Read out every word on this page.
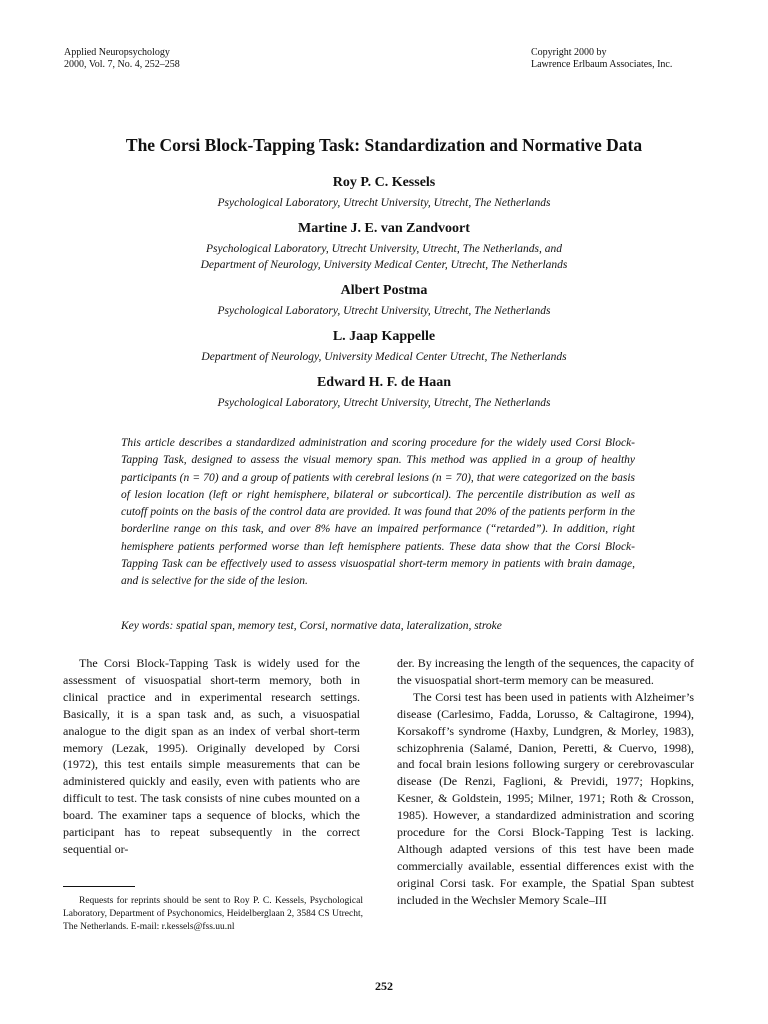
Applied Neuropsychology
2000, Vol. 7, No. 4, 252–258
Copyright 2000 by
Lawrence Erlbaum Associates, Inc.
The Corsi Block-Tapping Task: Standardization and Normative Data
Roy P. C. Kessels
Psychological Laboratory, Utrecht University, Utrecht, The Netherlands
Martine J. E. van Zandvoort
Psychological Laboratory, Utrecht University, Utrecht, The Netherlands, and
Department of Neurology, University Medical Center, Utrecht, The Netherlands
Albert Postma
Psychological Laboratory, Utrecht University, Utrecht, The Netherlands
L. Jaap Kappelle
Department of Neurology, University Medical Center Utrecht, The Netherlands
Edward H. F. de Haan
Psychological Laboratory, Utrecht University, Utrecht, The Netherlands
This article describes a standardized administration and scoring procedure for the widely used Corsi Block-Tapping Task, designed to assess the visual memory span. This method was applied in a group of healthy participants (n = 70) and a group of patients with cerebral lesions (n = 70), that were categorized on the basis of lesion location (left or right hemisphere, bilateral or subcortical). The percentile distribution as well as cutoff points on the basis of the control data are provided. It was found that 20% of the patients perform in the borderline range on this task, and over 8% have an impaired performance (“retarded”). In addition, right hemisphere patients performed worse than left hemisphere patients. These data show that the Corsi Block-Tapping Task can be effectively used to assess visuospatial short-term memory in patients with brain damage, and is selective for the side of the lesion.
Key words: spatial span, memory test, Corsi, normative data, lateralization, stroke

The Corsi Block-Tapping Task is widely used for the assessment of visuospatial short-term memory, both in clinical practice and in experimental research settings. Basically, it is a span task and, as such, a visuospatial analogue to the digit span as an index of verbal short-term memory (Lezak, 1995). Originally developed by Corsi (1972), this test entails simple measurements that can be administered quickly and easily, even with patients who are difficult to test. The task consists of nine cubes mounted on a board. The examiner taps a sequence of blocks, which the participant has to repeat subsequently in the correct sequential or-

der. By increasing the length of the sequences, the capacity of the visuospatial short-term memory can be measured.

The Corsi test has been used in patients with Alzheimer’s disease (Carlesimo, Fadda, Lorusso, & Caltagirone, 1994), Korsakoff’s syndrome (Haxby, Lundgren, & Morley, 1983), schizophrenia (Salamé, Danion, Peretti, & Cuervo, 1998), and focal brain lesions following surgery or cerebrovascular disease (De Renzi, Faglioni, & Previdi, 1977; Hopkins, Kesner, & Goldstein, 1995; Milner, 1971; Roth & Crosson, 1985). However, a standardized administration and scoring procedure for the Corsi Block-Tapping Test is lacking. Although adapted versions of this test have been made commercially available, essential differences exist with the original Corsi task. For example, the Spatial Span subtest included in the Wechsler Memory Scale–III

Requests for reprints should be sent to Roy P. C. Kessels, Psychological Laboratory, Department of Psychonomics, Heidelberglaan 2, 3584 CS Utrecht, The Netherlands. E-mail: r.kessels@fss.uu.nl
252
